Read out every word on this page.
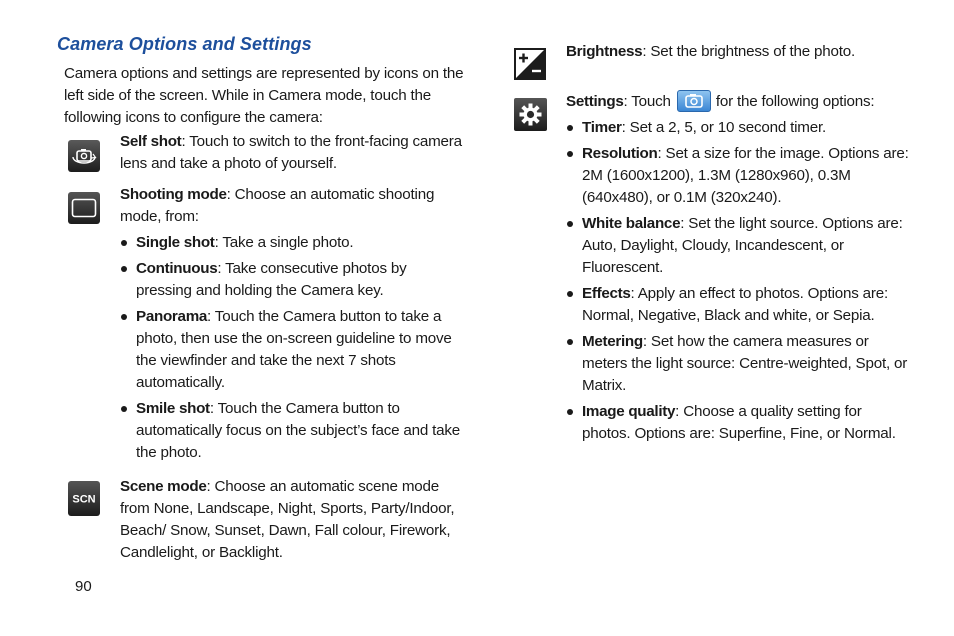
Camera Options and Settings

Camera options and settings are represented by icons on the left side of the screen. While in Camera mode, touch the following icons to configure the camera:

Self shot: Touch to switch to the front-facing camera lens and take a photo of yourself.

Shooting mode: Choose an automatic shooting mode, from:

Single shot: Take a single photo.
Continuous: Take consecutive photos by pressing and holding the Camera key.
Panorama: Touch the Camera button to take a photo, then use the on-screen guideline to move the viewfinder and take the next 7 shots automatically.
Smile shot: Touch the Camera button to automatically focus on the subject’s face and take the photo.
SCN

Scene mode: Choose an automatic scene mode from None, Landscape, Night, Sports, Party/Indoor, Beach/ Snow, Sunset, Dawn, Fall colour, Firework, Candlelight, or Backlight.

Brightness: Set the brightness of the photo.

Settings: Touch	for the following options:

Timer: Set a 2, 5, or 10 second timer.
Resolution: Set a size for the image. Options are: 2M (1600x1200), 1.3M (1280x960), 0.3M (640x480), or 0.1M (320x240).
White balance: Set the light source. Options are: Auto, Daylight, Cloudy, Incandescent, or Fluorescent.
Effects: Apply an effect to photos. Options are: Normal, Negative, Black and white, or Sepia.
Metering: Set how the camera measures or meters the light source: Centre-weighted, Spot, or Matrix.
Image quality: Choose a quality setting for photos. Options are: Superfine, Fine, or Normal.

90
